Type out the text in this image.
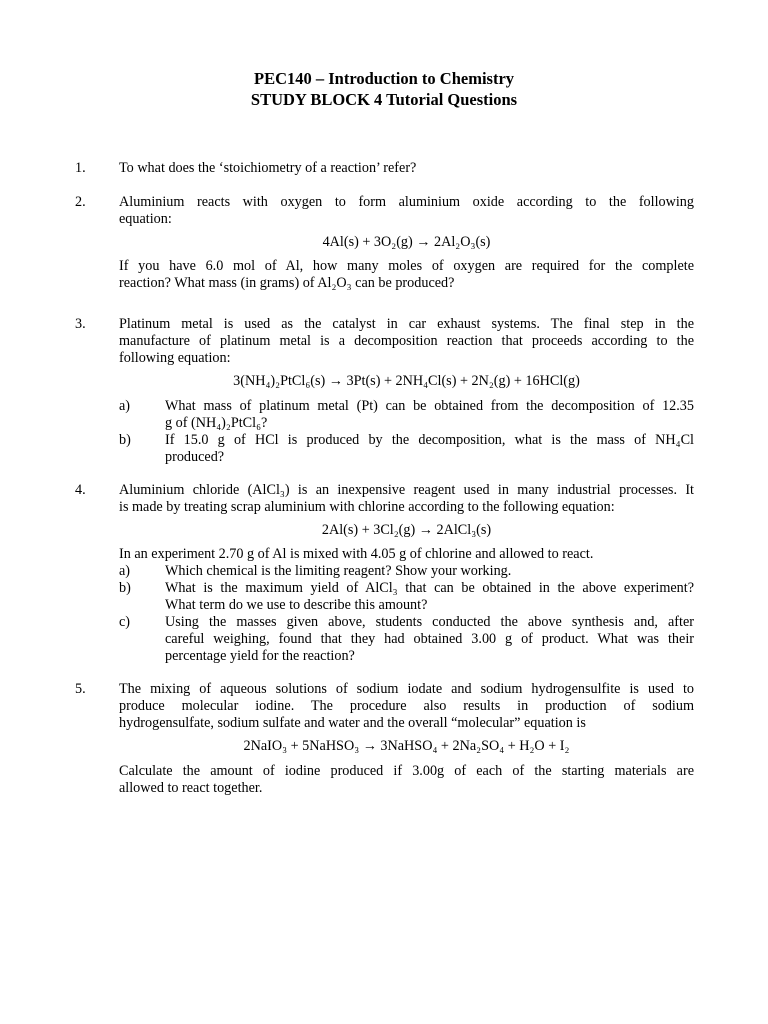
PEC140 – Introduction to Chemistry
STUDY BLOCK 4 Tutorial Questions
1. To what does the ‘stoichiometry of a reaction’ refer?
2. Aluminium reacts with oxygen to form aluminium oxide according to the following
equation:
4Al(s) + 3O₂(g) → 2Al₂O₃(s)
If you have 6.0 mol of Al, how many moles of oxygen are required for the complete
reaction? What mass (in grams) of Al₂O₃ can be produced?
3. Platinum metal is used as the catalyst in car exhaust systems. The final step in the
manufacture of platinum metal is a decomposition reaction that proceeds according to the
following equation:
3(NH₄)₂PtCl₆(s) → 3Pt(s) + 2NH₄Cl(s) + 2N₂(g) + 16HCl(g)
a) What mass of platinum metal (Pt) can be obtained from the decomposition of 12.35
g of (NH₄)₂PtCl₆?
b) If 15.0 g of HCl is produced by the decomposition, what is the mass of NH₄Cl
produced?
4. Aluminium chloride (AlCl₃) is an inexpensive reagent used in many industrial processes. It
is made by treating scrap aluminium with chlorine according to the following equation:
2Al(s) + 3Cl₂(g) → 2AlCl₃(s)
In an experiment 2.70 g of Al is mixed with 4.05 g of chlorine and allowed to react.
a) Which chemical is the limiting reagent? Show your working.
b) What is the maximum yield of AlCl₃ that can be obtained in the above experiment?
What term do we use to describe this amount?
c) Using the masses given above, students conducted the above synthesis and, after
careful weighing, found that they had obtained 3.00 g of product. What was their
percentage yield for the reaction?
5. The mixing of aqueous solutions of sodium iodate and sodium hydrogensulfite is used to
produce molecular iodine. The procedure also results in production of sodium
hydrogensulfate, sodium sulfate and water and the overall “molecular” equation is
2NaIO₃ + 5NaHSO₃ → 3NaHSO₄ + 2Na₂SO₄ + H₂O + I₂
Calculate the amount of iodine produced if 3.00g of each of the starting materials are
allowed to react together.
